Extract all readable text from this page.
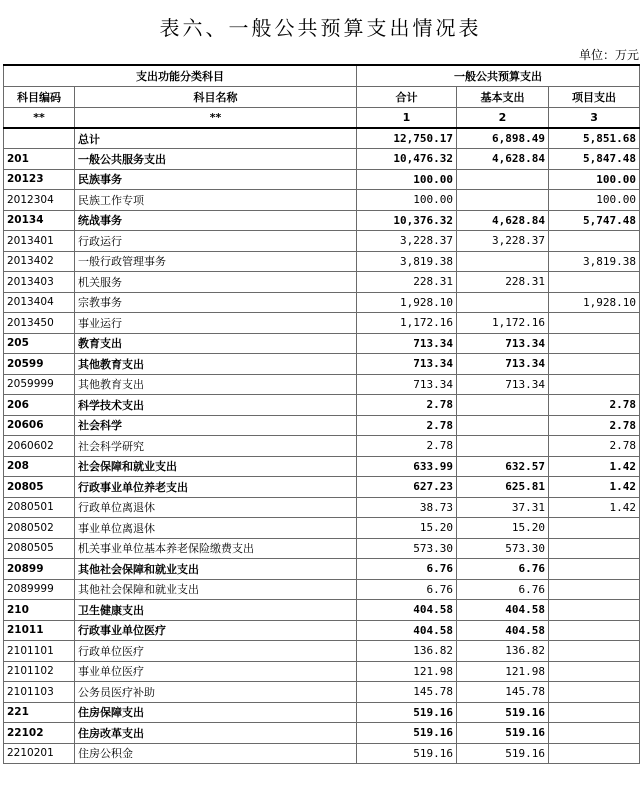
表六、一般公共预算支出情况表
单位：万元
支出功能分类科目		一般公共预算支出		
科目编码	科目名称	合计	基本支出	项目支出
**	**	1	2	3
	总计	12,750.17	6,898.49	5,851.68
201	一般公共服务支出	10,476.32	4,628.84	5,847.48
20123	民族事务	100.00		100.00
2012304	民族工作专项	100.00		100.00
20134	统战事务	10,376.32	4,628.84	5,747.48
2013401	行政运行	3,228.37	3,228.37	
2013402	一般行政管理事务	3,819.38		3,819.38
2013403	机关服务	228.31	228.31	
2013404	宗教事务	1,928.10		1,928.10
2013450	事业运行	1,172.16	1,172.16	
205	教育支出	713.34	713.34	
20599	其他教育支出	713.34	713.34	
2059999	其他教育支出	713.34	713.34	
206	科学技术支出	2.78		2.78
20606	社会科学	2.78		2.78
2060602	社会科学研究	2.78		2.78
208	社会保障和就业支出	633.99	632.57	1.42
20805	行政事业单位养老支出	627.23	625.81	1.42
2080501	行政单位离退休	38.73	37.31	1.42
2080502	事业单位离退休	15.20	15.20	
2080505	机关事业单位基本养老保险缴费支出	573.30	573.30	
20899	其他社会保障和就业支出	6.76	6.76	
2089999	其他社会保障和就业支出	6.76	6.76	
210	卫生健康支出	404.58	404.58	
21011	行政事业单位医疗	404.58	404.58	
2101101	行政单位医疗	136.82	136.82	
2101102	事业单位医疗	121.98	121.98	
2101103	公务员医疗补助	145.78	145.78	
221	住房保障支出	519.16	519.16	
22102	住房改革支出	519.16	519.16	
2210201	住房公积金	519.16	519.16	
